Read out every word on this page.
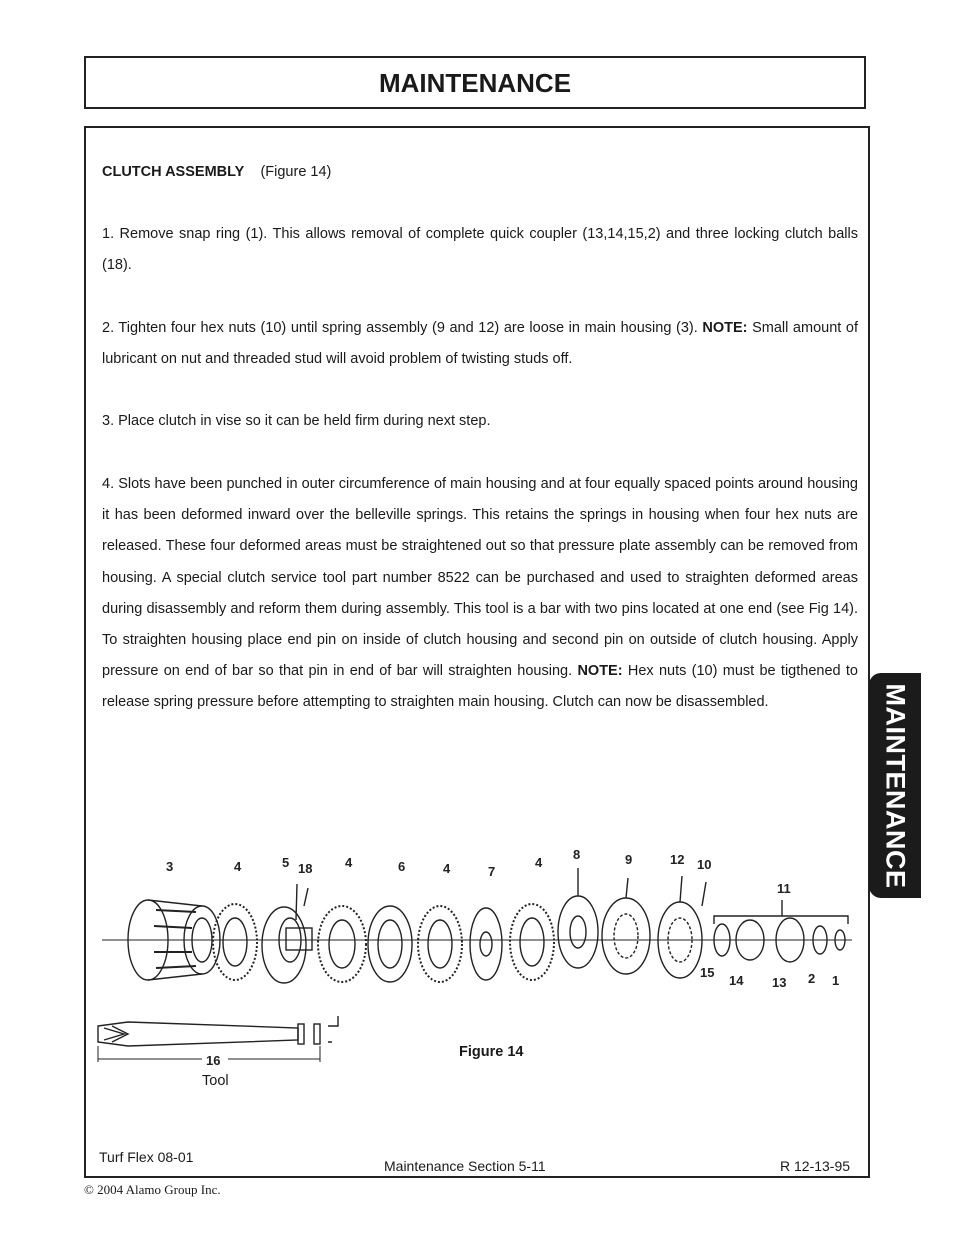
MAINTENANCE
CLUTCH ASSEMBLY (Figure 14)

1. Remove snap ring (1). This allows removal of complete quick coupler (13,14,15,2) and three locking clutch balls (18).

2. Tighten four hex nuts (10) until spring assembly (9 and 12) are loose in main housing (3). NOTE: Small amount of lubricant on nut and threaded stud will avoid problem of twisting studs off.

3. Place clutch in vise so it can be held firm during next step.

4. Slots have been punched in outer circumference of main housing and at four equally spaced points around housing it has been deformed inward over the belleville springs. This retains the springs in housing when four hex nuts are released. These four deformed areas must be straightened out so that pressure plate assembly can be removed from housing. A special clutch service tool part number 8522 can be purchased and used to straighten deformed areas during disassembly and reform them during assembly. This tool is a bar with two pins located at one end (see Fig 14). To straighten housing place end pin on inside of clutch housing and second pin on outside of clutch housing. Apply pressure on end of bar so that pin in end of bar will straighten housing. NOTE: Hex nuts (10) must be tigthened to release spring pressure before attempting to straighten main housing. Clutch can now be disassembled.	MAINTENANCE
3	4	5 18	4	6	4	7
4
8	9	12 10
11
15
14 13 2 1
16
Tool
Figure 14
Turf Flex 08-01
Maintenance Section 5-11	R 12-13-95
© 2004 Alamo Group Inc.
